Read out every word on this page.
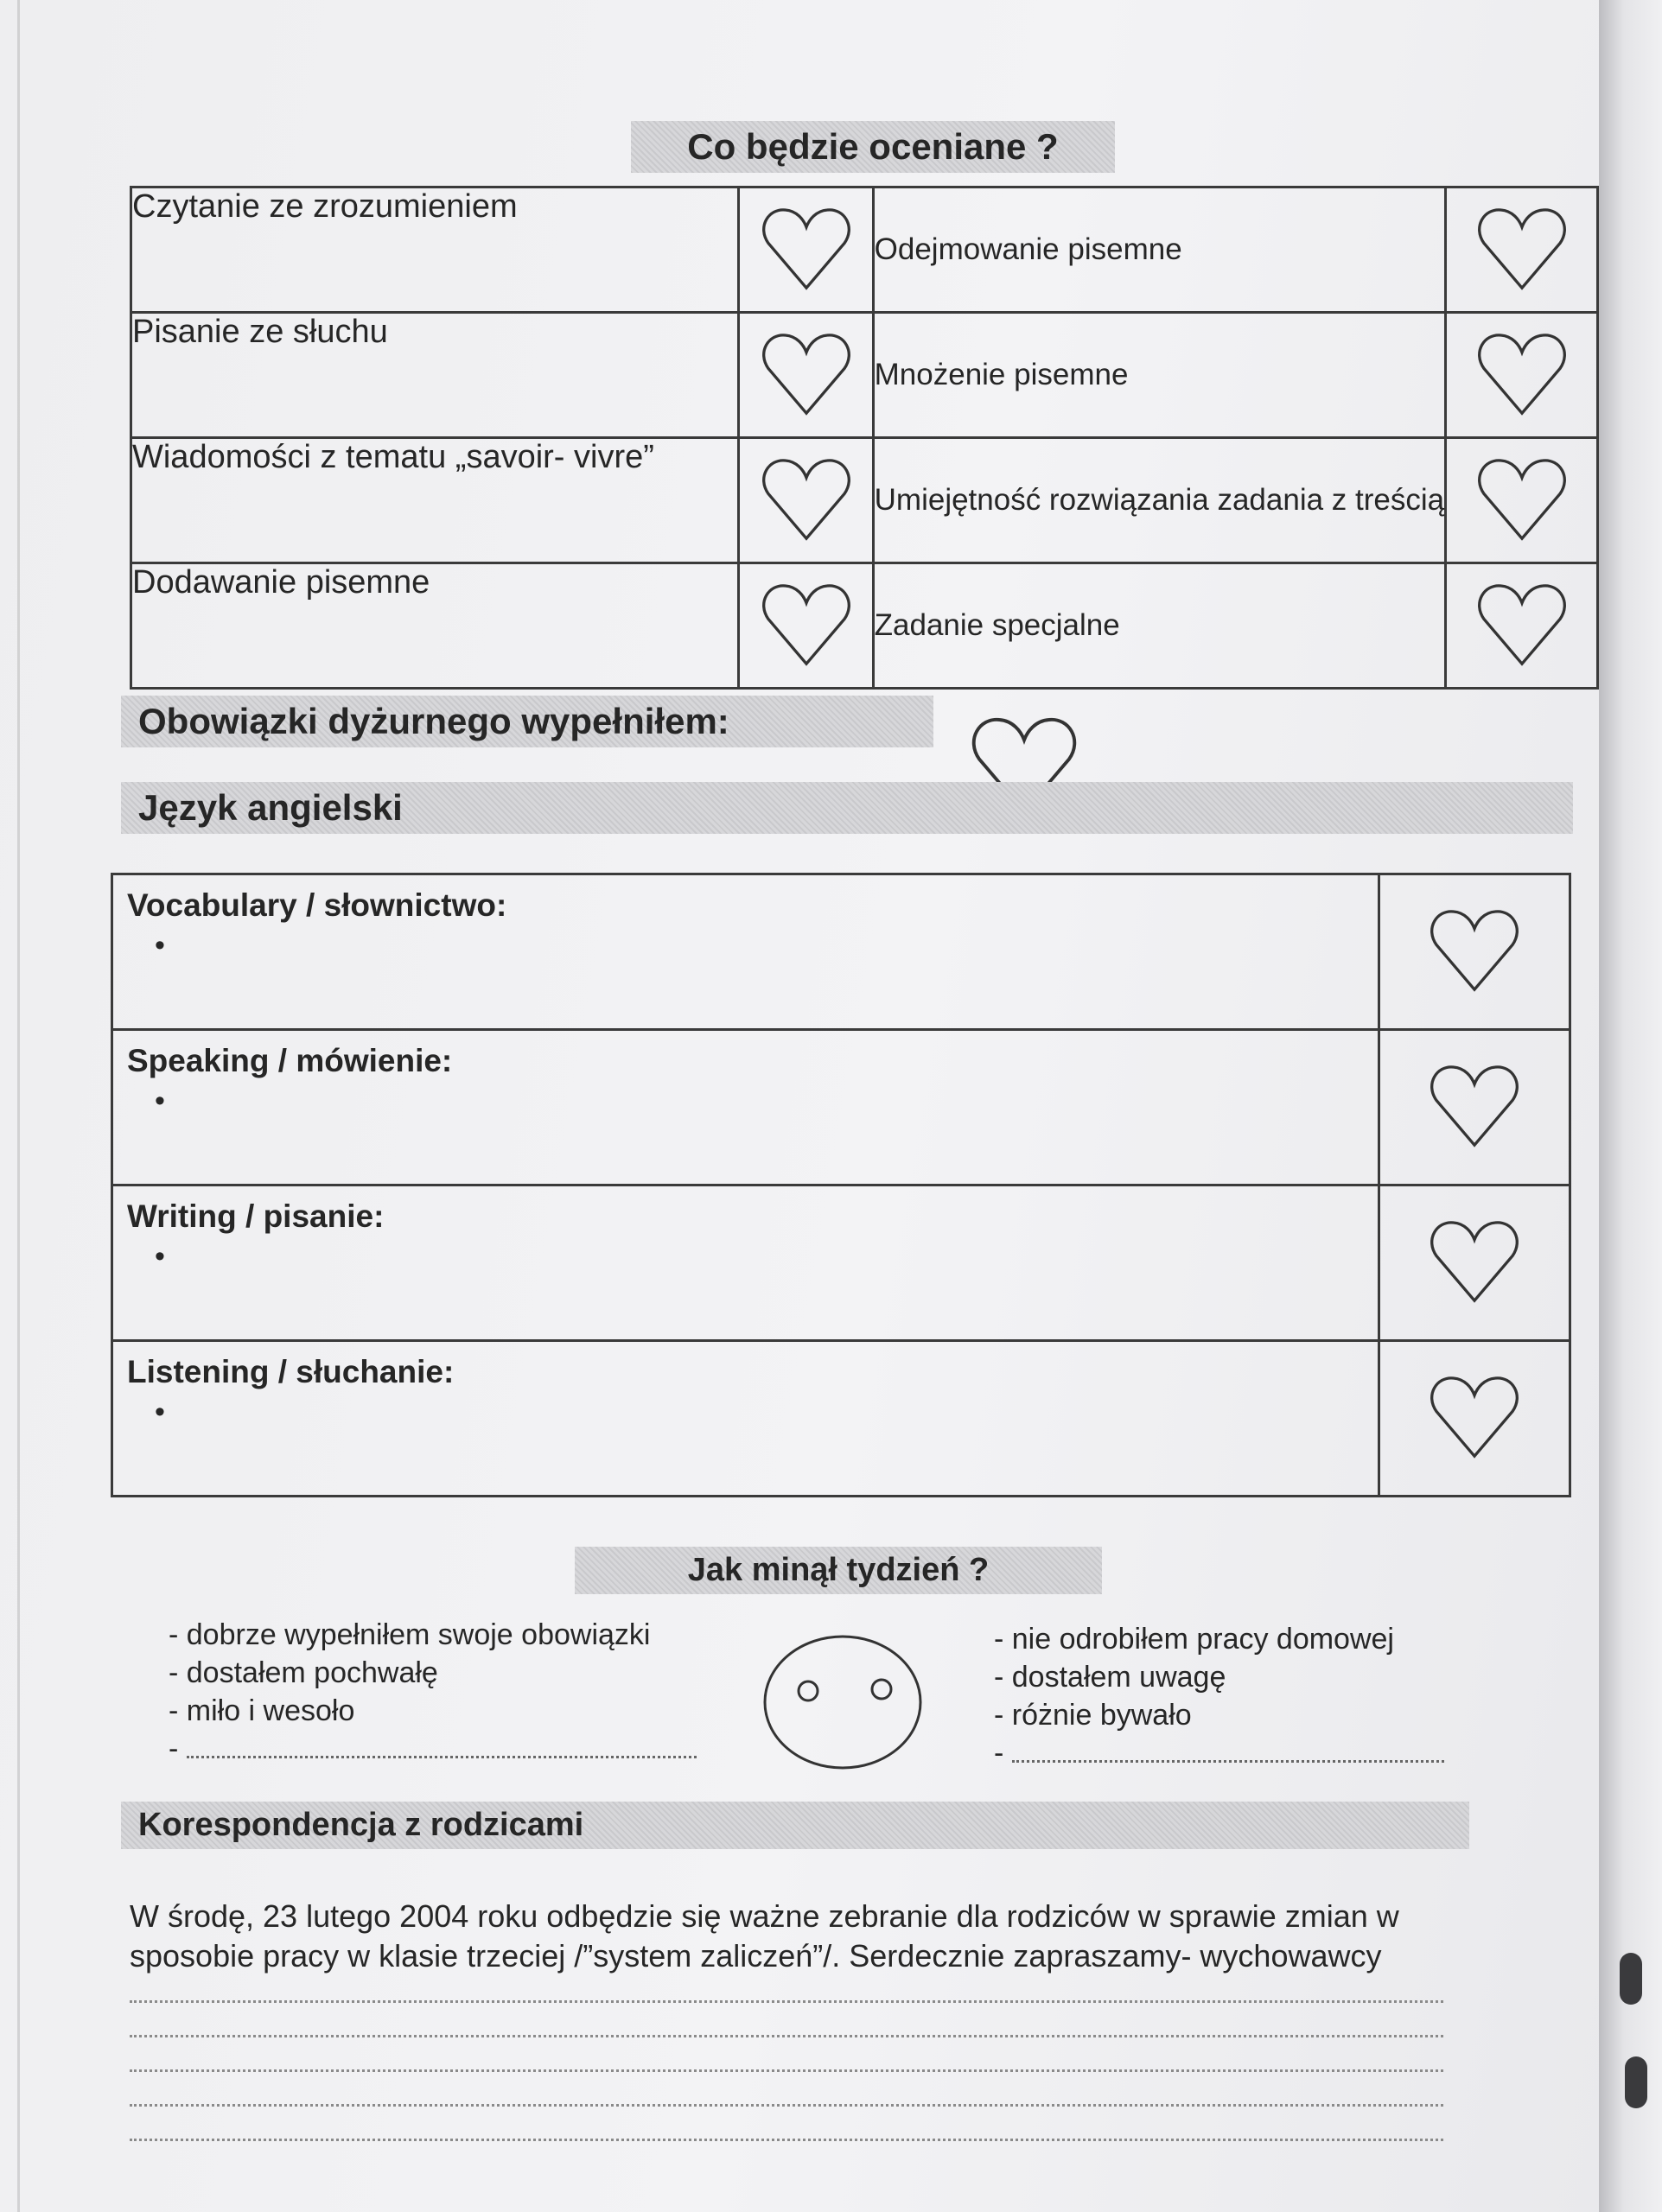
Co będzie oceniane ?
Czytanie ze zrozumieniem		Odejmowanie pisemne	
Pisanie ze słuchu		Mnożenie pisemne	
Wiadomości z tematu „savoir- vivre”		Umiejętność rozwiązania zadania z treścią	
Dodawanie pisemne		Zadanie specjalne	
Obowiązki dyżurnego wypełniłem:
Język angielski
Vocabulary / słownictwo:
•

Speaking / mówienie:
•

Writing / pisanie:
•

Listening / słuchanie:
•

Jak minął tydzień ?
- dobrze wypełniłem swoje obowiązki
- dostałem pochwałę
- miło i wesoło
-
- nie odrobiłem pracy domowej
- dostałem uwagę
- różnie bywało
-
Korespondencja z rodzicami
W środę, 23 lutego 2004 roku odbędzie się ważne zebranie dla rodziców w sprawie zmian w sposobie pracy w klasie trzeciej /”system zaliczeń”/. Serdecznie zapraszamy- wychowawcy
